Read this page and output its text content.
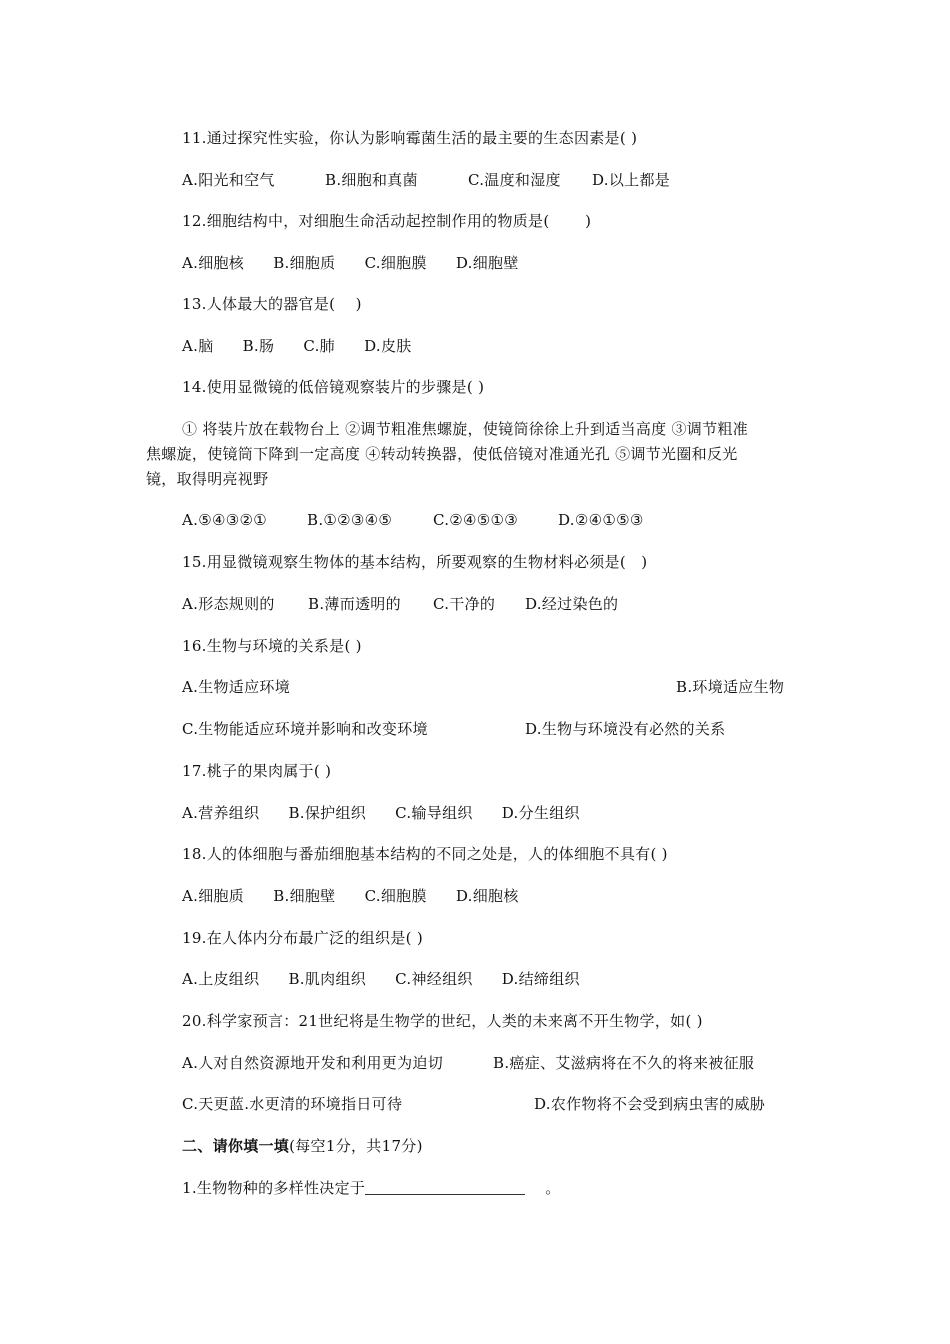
11.通过探究性实验，你认为影响霉菌生活的最主要的生态因素是( )
A.阳光和空气	B.细胞和真菌	C.温度和湿度 D.以上都是
12.细胞结构中，对细胞生命活动起控制作用的物质是(　　 )
A.细胞核 B.细胞质 C.细胞膜 D.细胞壁
13.人体最大的器官是(　 )
A.脑 B.肠 C.肺 D.皮肤
14.使用显微镜的低倍镜观察装片的步骤是( )
① 将装片放在载物台上 ②调节粗准焦螺旋，使镜筒徐徐上升到适当高度 ③调节粗准
焦螺旋，使镜筒下降到一定高度 ④转动转换器，使低倍镜对准通光孔 ⑤调节光圈和反光
镜，取得明亮视野
A.⑤④③②①	B.①②③④⑤	C.②④⑤①③	D.②④①⑤③
15.用显微镜观察生物体的基本结构，所要观察的生物材料必须是(　)
A.形态规则的 B.薄而透明的 C.干净的 D.经过染色的
16.生物与环境的关系是( )
A.生物适应环境	B.环境适应生物
C.生物能适应环境并影响和改变环境	D.生物与环境没有必然的关系
17.桃子的果肉属于( )
A.营养组织 B.保护组织 C.输导组织 D.分生组织
18.人的体细胞与番茄细胞基本结构的不同之处是，人的体细胞不具有( )
A.细胞质 B.细胞壁 C.细胞膜 D.细胞核
19.在人体内分布最广泛的组织是( )
A.上皮组织 B.肌肉组织 C.神经组织 D.结缔组织
20.科学家预言：21世纪将是生物学的世纪，人类的未来离不开生物学，如( )
A.人对自然资源地开发和利用更为迫切	B.癌症、艾滋病将在不久的将来被征服
C.天更蓝.水更清的环境指日可待	D.农作物将不会受到病虫害的威胁
二、请你填一填(每空1分，共17分)
1.生物物种的多样性决定于	。
